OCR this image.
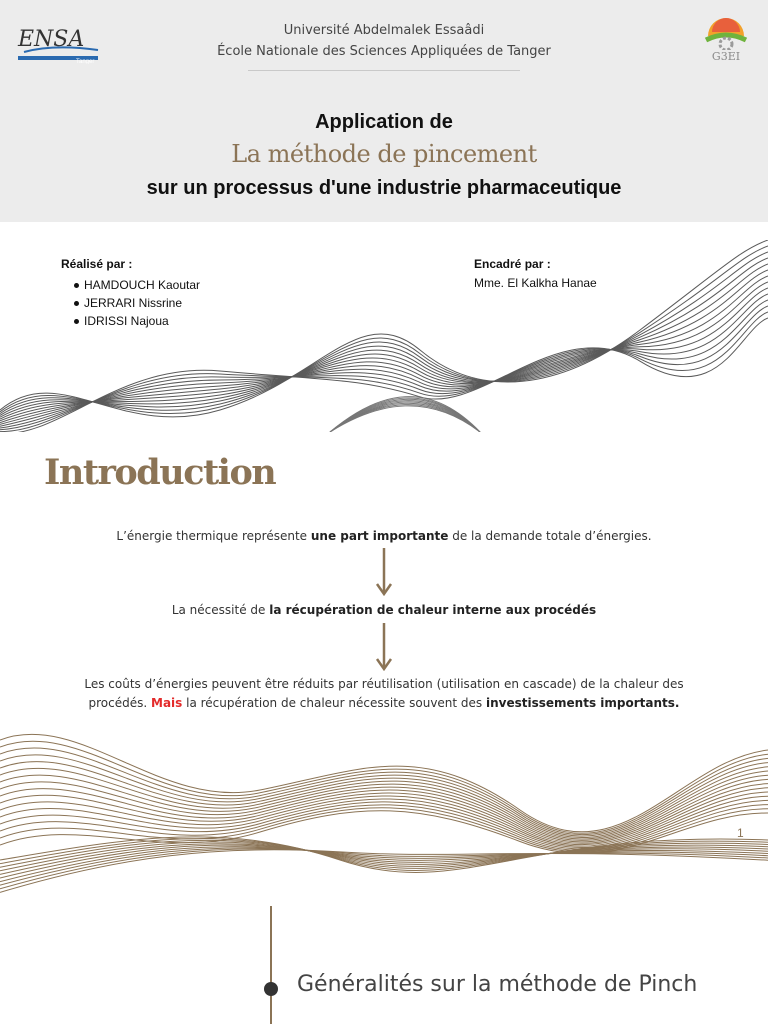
ENSA
Tanger	G3EI
Université Abdelmalek Essaâdi
École Nationale des Sciences Appliquées de Tanger
Application de
La méthode de pincement
sur un processus d'une industrie pharmaceutique
Réalisé par :
HAMDOUCH Kaoutar
JERRARI Nissrine
IDRISSI Najoua
Encadré par :
Mme. El Kalkha Hanae
Introduction
L’énergie thermique représente une part importante de la demande totale d’énergies.
La nécessité de la récupération de chaleur interne aux procédés
Les coûts d’énergies peuvent être réduits par réutilisation (utilisation en cascade) de la chaleur des procédés. Mais la récupération de chaleur nécessite souvent des investissements importants.
1
Généralités sur la méthode de Pinch
